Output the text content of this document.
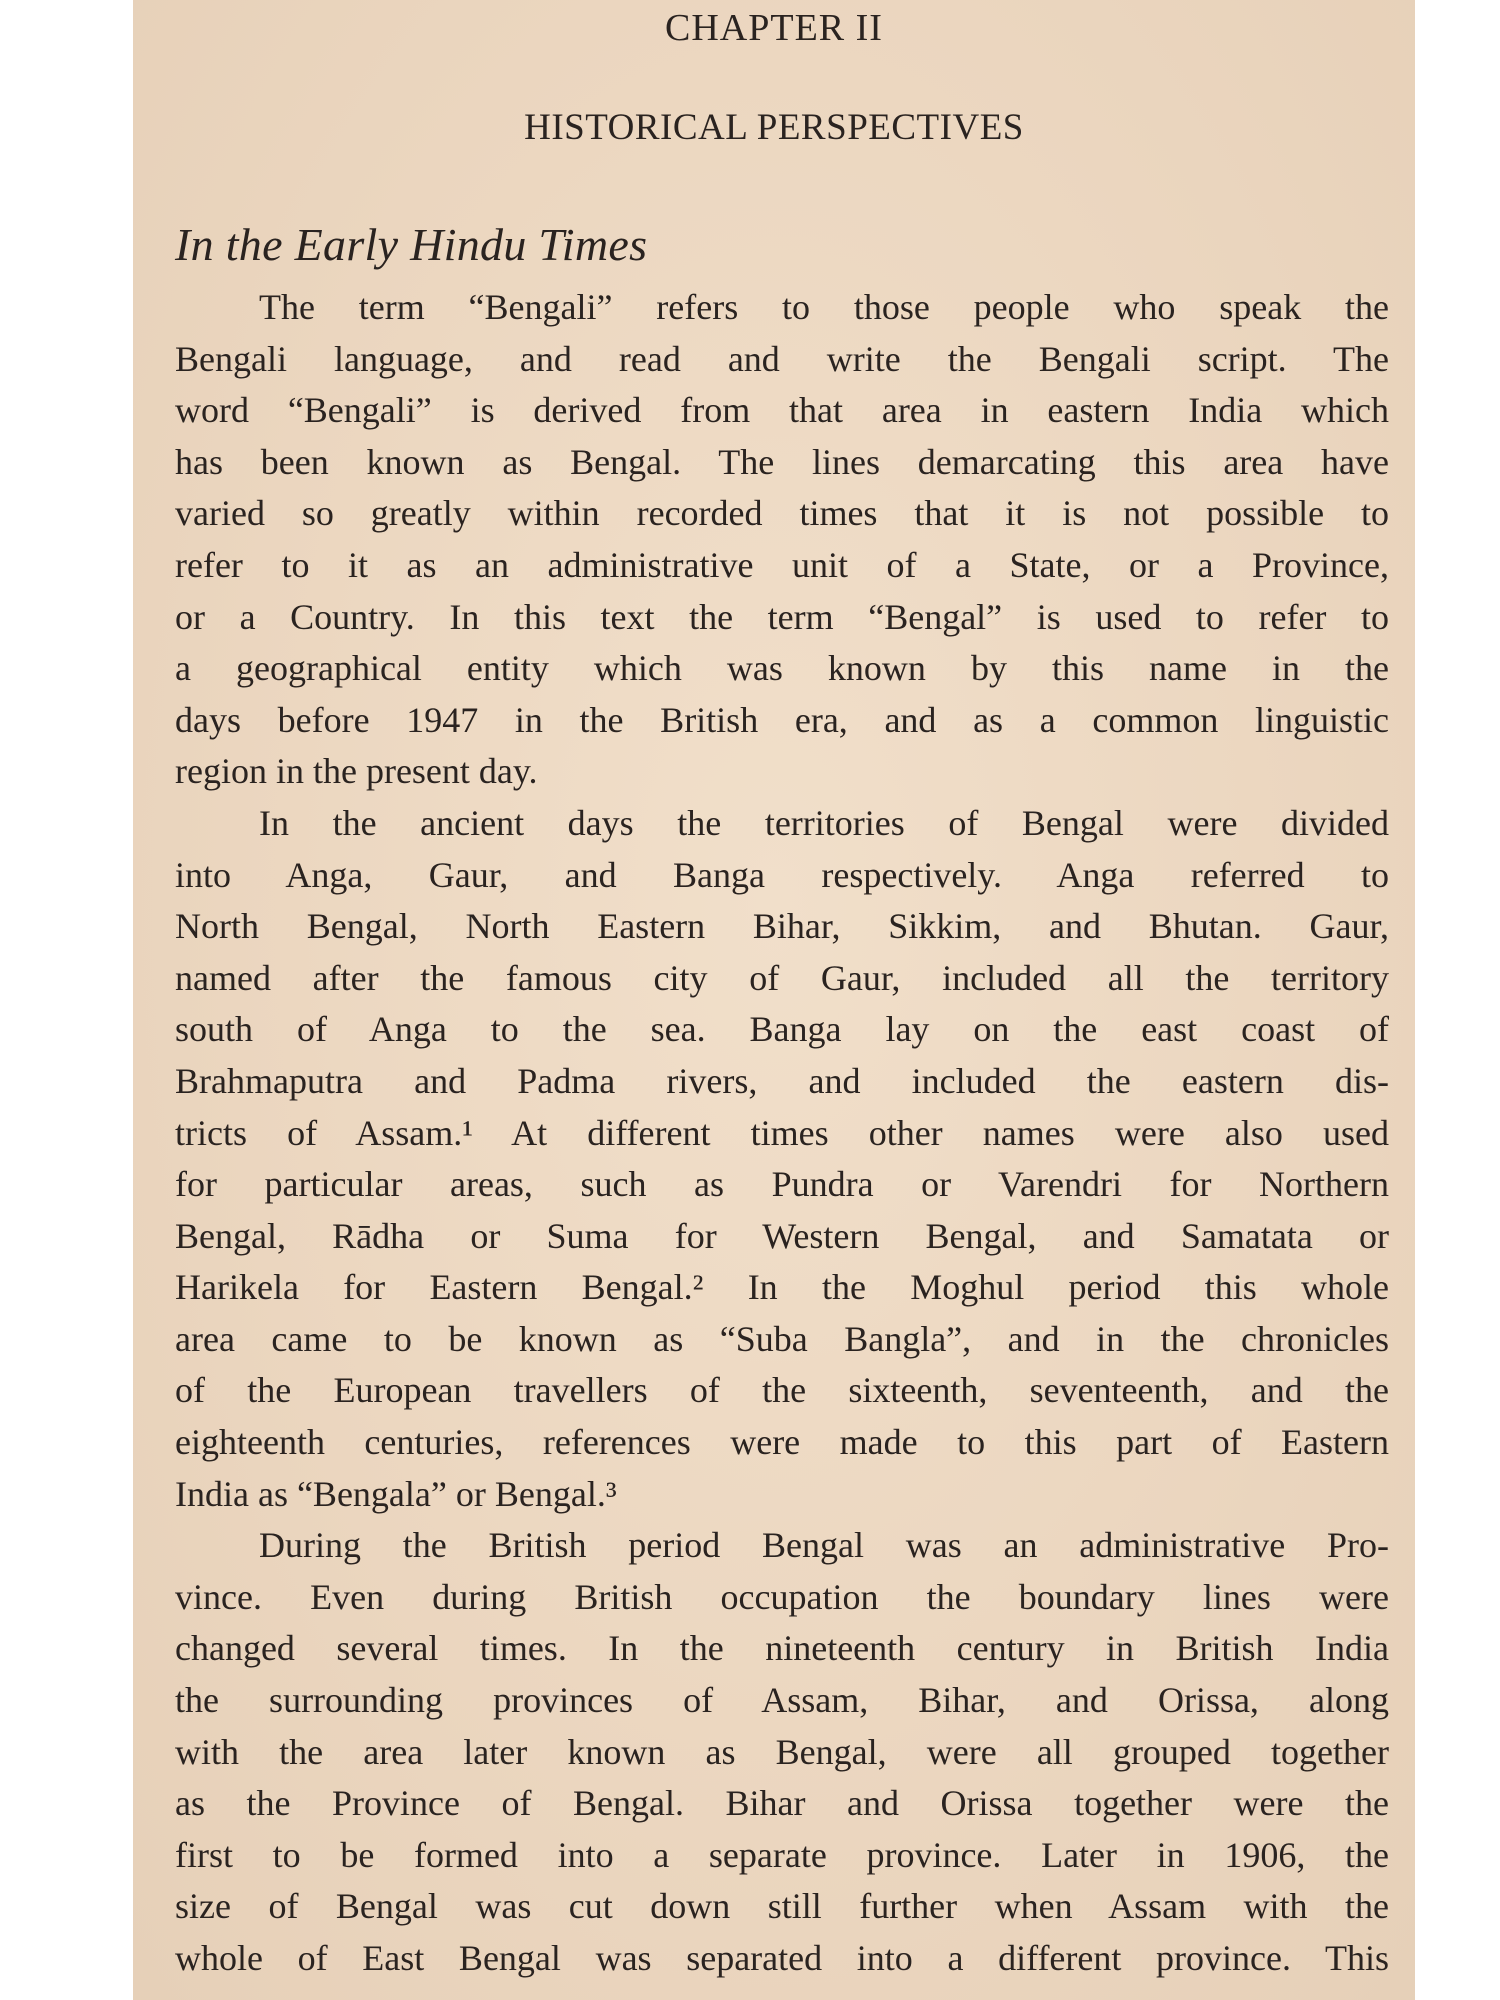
CHAPTER II
HISTORICAL PERSPECTIVES
In the Early Hindu Times
The term “Bengali” refers to those people who speak the
Bengali language, and read and write the Bengali script. The
word “Bengali” is derived from that area in eastern India which
has been known as Bengal. The lines demarcating this area have
varied so greatly within recorded times that it is not possible to
refer to it as an administrative unit of a State, or a Province,
or a Country. In this text the term “Bengal” is used to refer to
a geographical entity which was known by this name in the
days before 1947 in the British era, and as a common linguistic
region in the present day.
In the ancient days the territories of Bengal were divided
into Anga, Gaur, and Banga respectively. Anga referred to
North Bengal, North Eastern Bihar, Sikkim, and Bhutan. Gaur,
named after the famous city of Gaur, included all the territory
south of Anga to the sea. Banga lay on the east coast of
Brahmaputra and Padma rivers, and included the eastern dis-
tricts of Assam.¹ At different times other names were also used
for particular areas, such as Pundra or Varendri for Northern
Bengal, Rādha or Suma for Western Bengal, and Samatata or
Harikela for Eastern Bengal.² In the Moghul period this whole
area came to be known as “Suba Bangla”, and in the chronicles
of the European travellers of the sixteenth, seventeenth, and the
eighteenth centuries, references were made to this part of Eastern
India as “Bengala” or Bengal.³
During the British period Bengal was an administrative Pro-
vince. Even during British occupation the boundary lines were
changed several times. In the nineteenth century in British India
the surrounding provinces of Assam, Bihar, and Orissa, along
with the area later known as Bengal, were all grouped together
as the Province of Bengal. Bihar and Orissa together were the
first to be formed into a separate province. Later in 1906, the
size of Bengal was cut down still further when Assam with the
whole of East Bengal was separated into a different province. This
